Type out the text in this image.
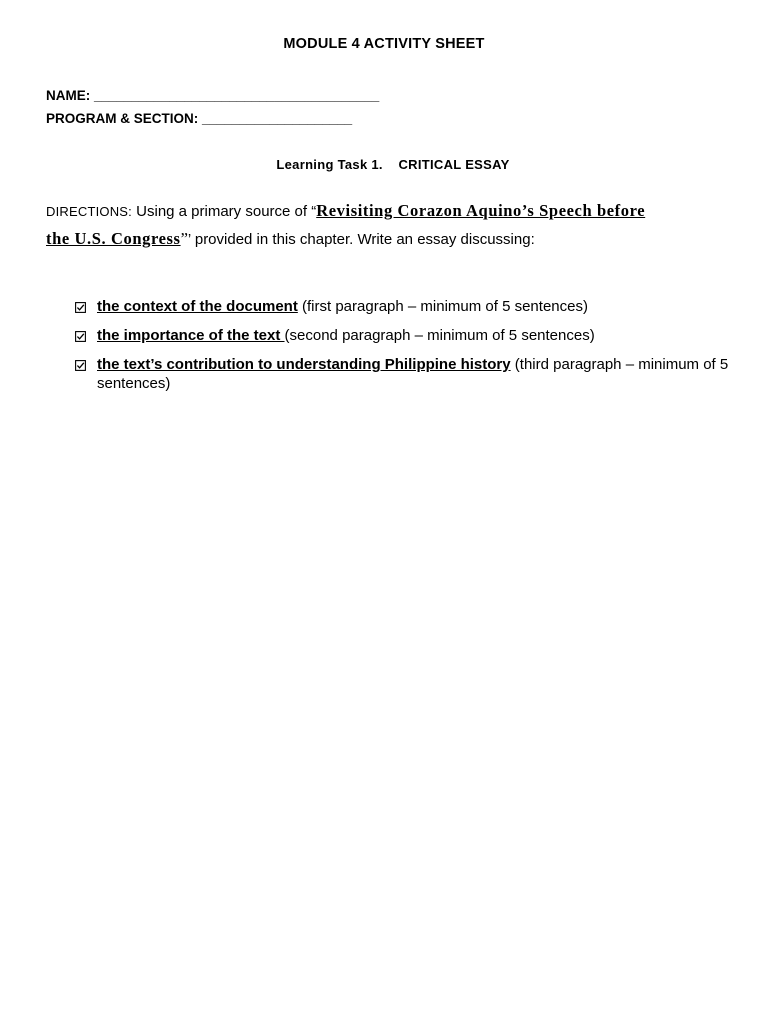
MODULE 4 ACTIVITY SHEET
NAME: ______________________________________
PROGRAM & SECTION: ____________________
Learning Task 1.    CRITICAL ESSAY
DIRECTIONS: Using a primary source of “Revisiting Corazon Aquino’s Speech before the U.S. Congress”’ provided in this chapter. Write an essay discussing:
the context of the document (first paragraph – minimum of 5 sentences)
the importance of the text (second paragraph – minimum of 5 sentences)
the text’s contribution to understanding Philippine history (third paragraph – minimum of 5 sentences)
